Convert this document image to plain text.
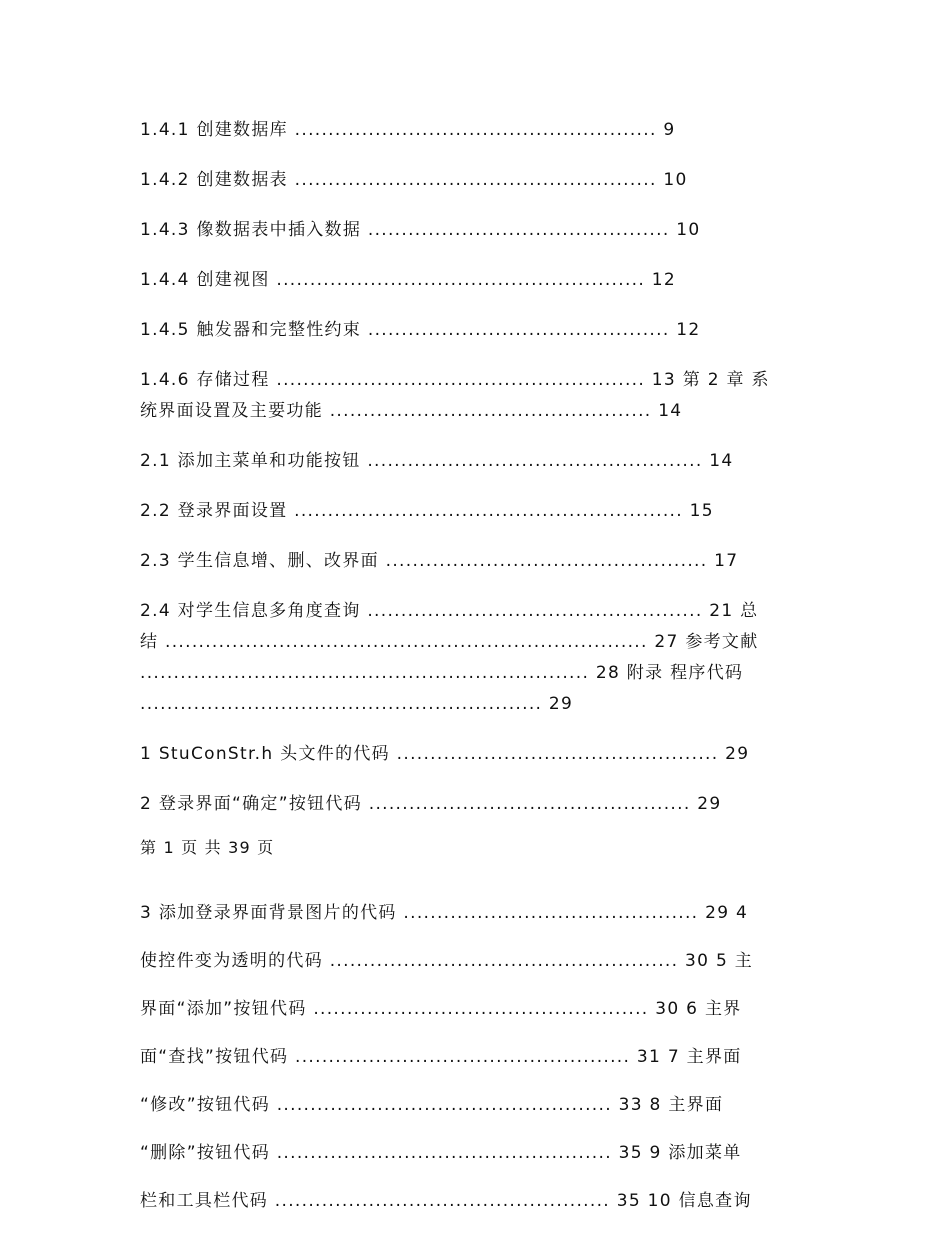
1.4.1 创建数据库 ...................................................... 9

1.4.2 创建数据表 ...................................................... 10

1.4.3 像数据表中插入数据 ............................................. 10

1.4.4 创建视图 ....................................................... 12

1.4.5 触发器和完整性约束 ............................................. 12

1.4.6 存储过程 ....................................................... 13 第 2 章 系

统界面设置及主要功能 ................................................ 14

2.1 添加主菜单和功能按钮 .................................................. 14

2.2 登录界面设置 .......................................................... 15

2.3 学生信息增、删、改界面 ................................................ 17

2.4 对学生信息多角度查询 .................................................. 21 总

结 ........................................................................ 27 参考文献

................................................................... 28 附录 程序代码

............................................................ 29

1 StuConStr.h 头文件的代码 ................................................ 29

2 登录界面“确定”按钮代码 ................................................ 29

第 1 页 共 39 页

3 添加登录界面背景图片的代码 ............................................ 29 4

使控件变为透明的代码 .................................................... 30 5 主

界面“添加”按钮代码 .................................................. 30 6 主界

面“查找”按钮代码 .................................................. 31 7 主界面

“修改”按钮代码 .................................................. 33 8 主界面

“删除”按钮代码 .................................................. 35 9 添加菜单

栏和工具栏代码 .................................................. 35 10 信息查询
